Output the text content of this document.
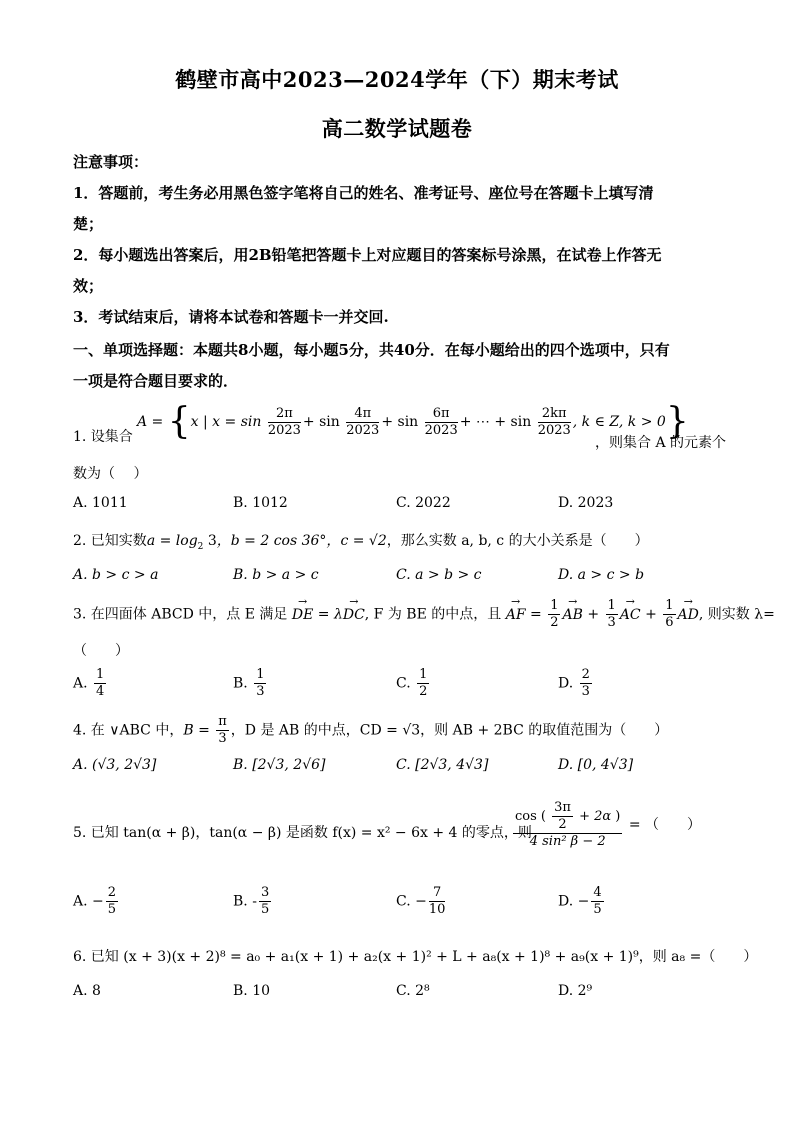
鹤壁市高中2023—2024学年（下）期末考试
高二数学试题卷
注意事项：
1．答题前，考生务必用黑色签字笔将自己的姓名、准考证号、座位号在答题卡上填写清
楚；
2．每小题选出答案后，用2B铅笔把答题卡上对应题目的答案标号涂黑，在试卷上作答无
效；
3．考试结束后，请将本试卷和答题卡一并交回.
一、单项选择题：本题共8小题，每小题5分，共40分．在每小题给出的四个选项中，只有
一项是符合题目要求的．
1. 设集合
A = {x | $x = \sin \frac{2\pi}{2023} + \sin \frac{4\pi}{2023} + \sin \frac{6\pi}{2023}$ + ⋯ + $\sin \frac{2k\pi}{2023}$ , k ∈ Z, k > 0}
，则集合 A 的元素个
数为（　 ）
A. 1011	B. 1012	C. 2022	D. 2023
2. 已知实数$a = \log_2 3$，b = 2 cos 36°，c = √2，那么实数 a, b, c 的大小关系是（　　）
A. b > c > a	B. b > a > c	C. a > b > c	D. a > c > b
3. 在四面体 ABCD 中，点 E 满足 → DE = λ→ DC, F 为 BE 的中点，且 → AF = $\frac{1}{2}$ → AB + $\frac{1}{3}$ → AC + $\frac{1}{6}$ → AD, 则实数 λ=
（　　）
A. $\frac{1}{4}$	B. $\frac{1}{3}$	C. $\frac{1}{2}$	D. $\frac{2}{3}$
4. 在 ∨ABC 中，$B = \frac{\pi}{3}$ ，D 是 AB 的中点，CD = √3，则 AB + 2BC 的取值范围为（　　）
A. (√3, 2√3]	B. [2√3, 2√6]	C. [2√3, 4√3]	D. [0, 4√3]
5. 已知 tan(α + β)，tan(α − β) 是函数 f(x) = x² − 6x + 4 的零点，则
$\frac{\cos ( \frac{3\pi}{2} + 2\alpha )}{\text{4 sin² β − 2}}$ = （　　）
A. − $\frac{2}{5}$	B. - $\frac{3}{5}$	C. − $\frac{7}{10}$	D. − $\frac{4}{5}$
6. 已知 (x + 3)(x + 2)⁸ = a₀ + a₁(x + 1) + a₂(x + 1)² + L + a₈(x + 1)⁸ + a₉(x + 1)⁹，则 a₈ =（　　）
A. 8	B. 10	C. 2⁸	D. 2⁹
